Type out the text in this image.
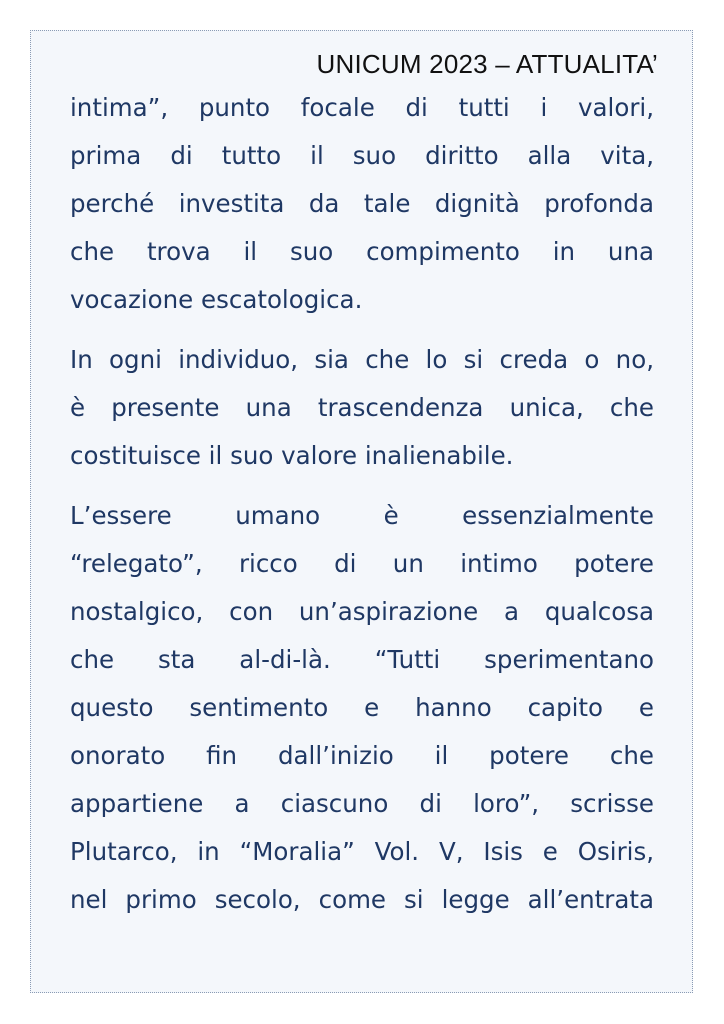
UNICUM 2023 – ATTUALITA’

intima”, punto focale di tutti i valori,
prima di tutto il suo diritto alla vita,
perché investita da tale dignità profonda
che trova il suo compimento in una
vocazione escatologica.

In ogni individuo, sia che lo si creda o no,
è presente una trascendenza unica, che
costituisce il suo valore inalienabile.

L’essere umano è essenzialmente
“relegato”, ricco di un intimo potere
nostalgico, con un’aspirazione a qualcosa
che sta al-di-là. “Tutti sperimentano
questo sentimento e hanno capito e
onorato fin dall’inizio il potere che
appartiene a ciascuno di loro”, scrisse
Plutarco, in “Moralia” Vol. V, Isis e Osiris,
nel primo secolo, come si legge all’entrata
